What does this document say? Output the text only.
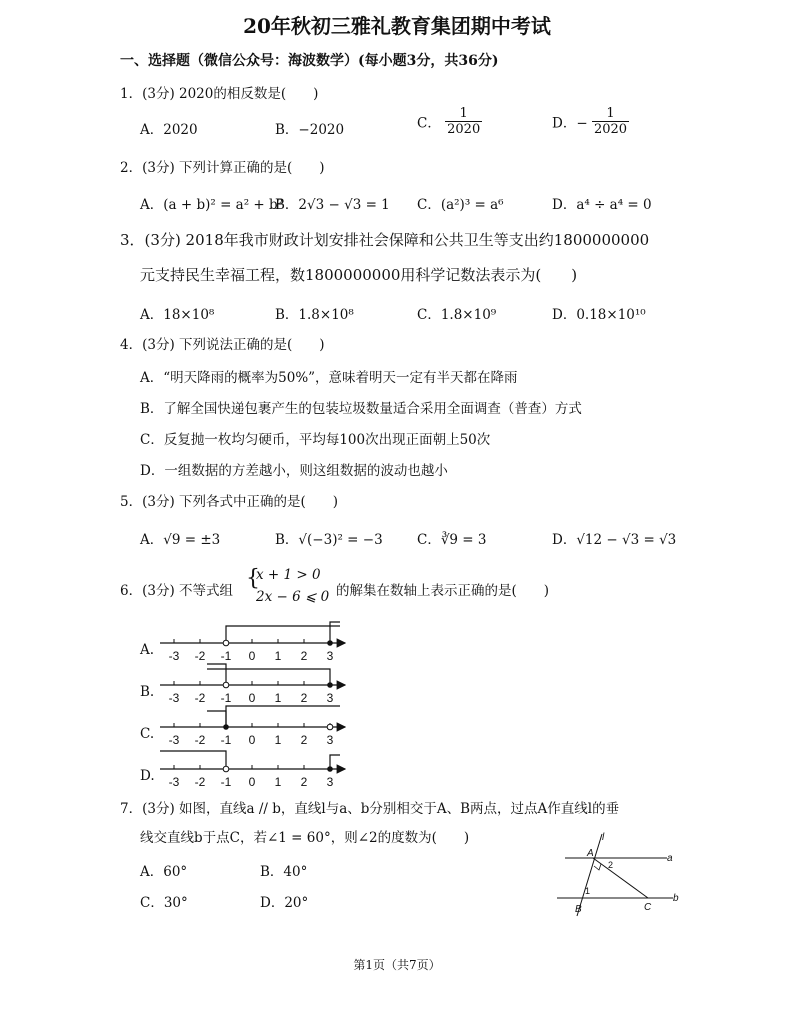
20年秋初三雅礼教育集团期中考试
一、选择题（微信公众号：海波数学）(每小题3分，共36分)
1．(3分) 2020的相反数是(　　)
A．2020	B．−2020	C． $\frac{1}{2020}$	D．− $\frac{1}{2020}$
2．(3分) 下列计算正确的是(　　)
A．(a + b)² = a² + b²
B．2√3 − √3 = 1 C．(a²)³ = a⁶	D．a⁴ ÷ a⁴ = 0
3．(3分) 2018年我市财政计划安排社会保障和公共卫生等支出约1800000000
元支持民生幸福工程，数1800000000用科学记数法表示为(　　)
A．18×10⁸	B．1.8×10⁸	C．1.8×10⁹	D．0.18×10¹⁰
4．(3分) 下列说法正确的是(　　)
A．“明天降雨的概率为50%”，意味着明天一定有半天都在降雨
B．了解全国快递包裹产生的包装垃圾数量适合采用全面调查（普查）方式
C．反复抛一枚均匀硬币，平均每100次出现正面朝上50次
D．一组数据的方差越小，则这组数据的波动也越小
5．(3分) 下列各式中正确的是(　　)
A．√9 = ±3	B．√(−3)² = −3	C．∛9 = 3	D．√12 − √3 = √3
6．(3分) 不等式组 {
x + 1 > 0
2x − 6 ⩽ 0 的解集在数轴上表示正确的是(　　)
A.
B.
C.
D.
-3 -2 -1 0 1 2 3
-3 -2 -1 0 1 2 3
-3 -2 -1 0 1 2 3
-3 -2 -1 0 1 2 3
7．(3分) 如图，直线a // b，直线l与a、b分别相交于A、B两点，过点A作直线l的垂
线交直线b于点C，若∠1 = 60°，则∠2的度数为(　　)
A．60°	B．40°
C．30°	D．20°
l
A	a
B	C
b
1
2
第1页（共7页）
